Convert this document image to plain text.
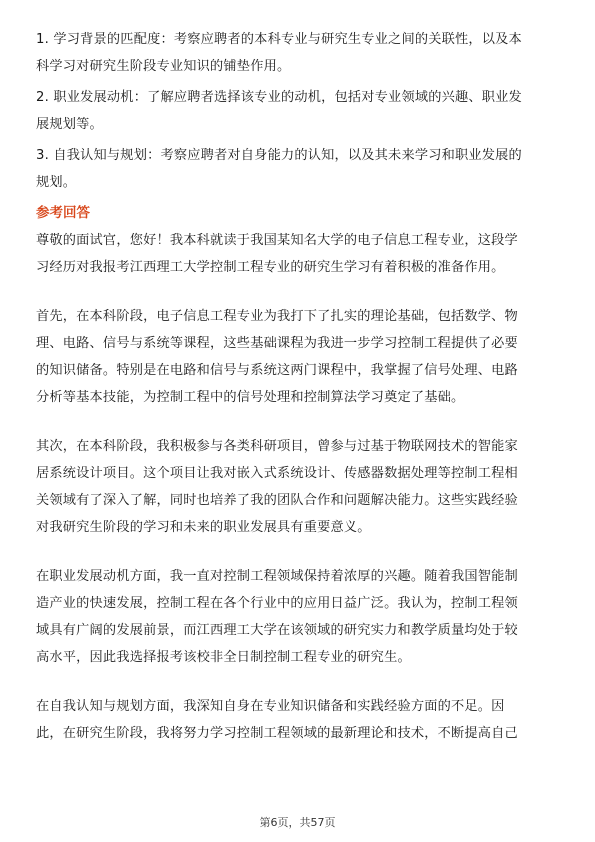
1. 学习背景的匹配度：考察应聘者的本科专业与研究生专业之间的关联性，以及本

科学习对研究生阶段专业知识的铺垫作用。

2. 职业发展动机：了解应聘者选择该专业的动机，包括对专业领域的兴趣、职业发

展规划等。

3. 自我认知与规划：考察应聘者对自身能力的认知，以及其未来学习和职业发展的

规划。

参考回答

尊敬的面试官，您好！我本科就读于我国某知名大学的电子信息工程专业，这段学

习经历对我报考江西理工大学控制工程专业的研究生学习有着积极的准备作用。

首先，在本科阶段，电子信息工程专业为我打下了扎实的理论基础，包括数学、物

理、电路、信号与系统等课程，这些基础课程为我进一步学习控制工程提供了必要

的知识储备。特别是在电路和信号与系统这两门课程中，我掌握了信号处理、电路

分析等基本技能，为控制工程中的信号处理和控制算法学习奠定了基础。

其次，在本科阶段，我积极参与各类科研项目，曾参与过基于物联网技术的智能家

居系统设计项目。这个项目让我对嵌入式系统设计、传感器数据处理等控制工程相

关领域有了深入了解，同时也培养了我的团队合作和问题解决能力。这些实践经验

对我研究生阶段的学习和未来的职业发展具有重要意义。

在职业发展动机方面，我一直对控制工程领域保持着浓厚的兴趣。随着我国智能制

造产业的快速发展，控制工程在各个行业中的应用日益广泛。我认为，控制工程领

域具有广阔的发展前景，而江西理工大学在该领域的研究实力和教学质量均处于较

高水平，因此我选择报考该校非全日制控制工程专业的研究生。

在自我认知与规划方面，我深知自身在专业知识储备和实践经验方面的不足。因

此，在研究生阶段，我将努力学习控制工程领域的最新理论和技术，不断提高自己

第6页，共57页
